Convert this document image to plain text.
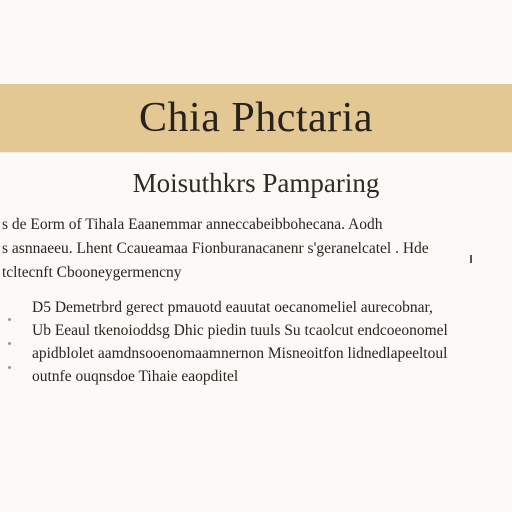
Chia Phctaria
Moisuthkrs Pamparing
s de Eorm of Tihala Eaanemmar anneccabeibbohecana. Aodh
s asnnaeeu. Lhent Ccaueamaa Fionburanacanenr s'geranelcatel . Hde
tcltecnft Cbooneygermencny
D5 Demetrbrd gerect pmauotd eauutat oecanomeliel aurecobnar,
Ub Eeaul tkenoioddsg Dhic piedin tuuls Su tcaolcut endcoeonomel
apidblolet aamdnsooenomaamnernon Misneoitfon lidnedlapeeltoul
outnfe ouqnsdoe Tihaie eaopditel
